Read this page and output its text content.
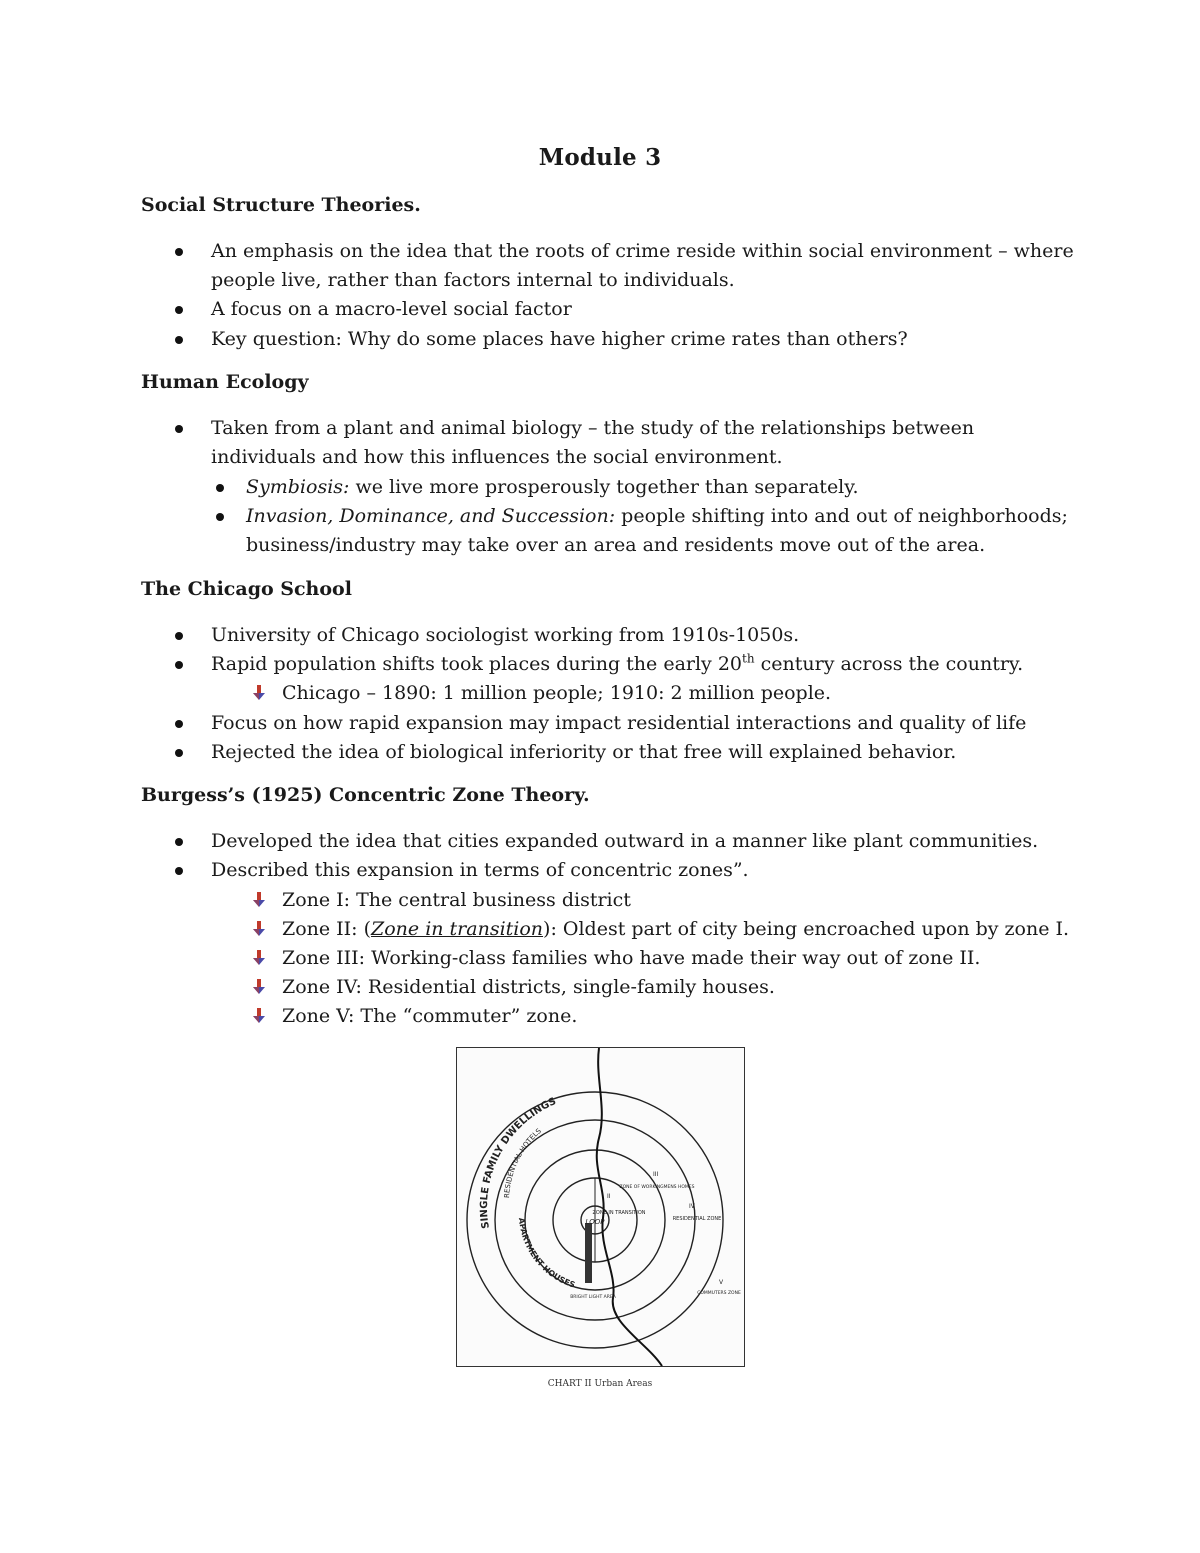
Module 3
Social Structure Theories.
An emphasis on the idea that the roots of crime reside within social environment – where
people live, rather than factors internal to individuals.
A focus on a macro-level social factor
Key question: Why do some places have higher crime rates than others?
Human Ecology
Taken from a plant and animal biology – the study of the relationships between
individuals and how this influences the social environment.
Symbiosis: we live more prosperously together than separately.
Invasion, Dominance, and Succession: people shifting into and out of neighborhoods;
business/industry may take over an area and residents move out of the area.
The Chicago School
University of Chicago sociologist working from 1910s-1050s.
Rapid population shifts took places during the early 20th century across the country.
Chicago – 1890: 1 million people; 1910: 2 million people.
Focus on how rapid expansion may impact residential interactions and quality of life
Rejected the idea of biological inferiority or that free will explained behavior.
Burgess’s (1925) Concentric Zone Theory.
Developed the idea that cities expanded outward in a manner like plant communities.
Described this expansion in terms of concentric zones”.
Zone I: The central business district
Zone II: (Zone in transition): Oldest part of city being encroached upon by zone I.
Zone III: Working-class families who have made their way out of zone II.
Zone IV: Residential districts, single-family houses.
Zone V: The “commuter” zone.
SINGLE FAMILY DWELLINGS
RESIDENTIAL HOTELS
APARTMENT HOUSES
LOOP
II
ZONE IN TRANSITION
III
ZONE OF WORKINGMENS HOMES
IV
RESIDENTIAL ZONE
V
COMMUTERS ZONE
BRIGHT LIGHT AREA
CHART II Urban Areas
